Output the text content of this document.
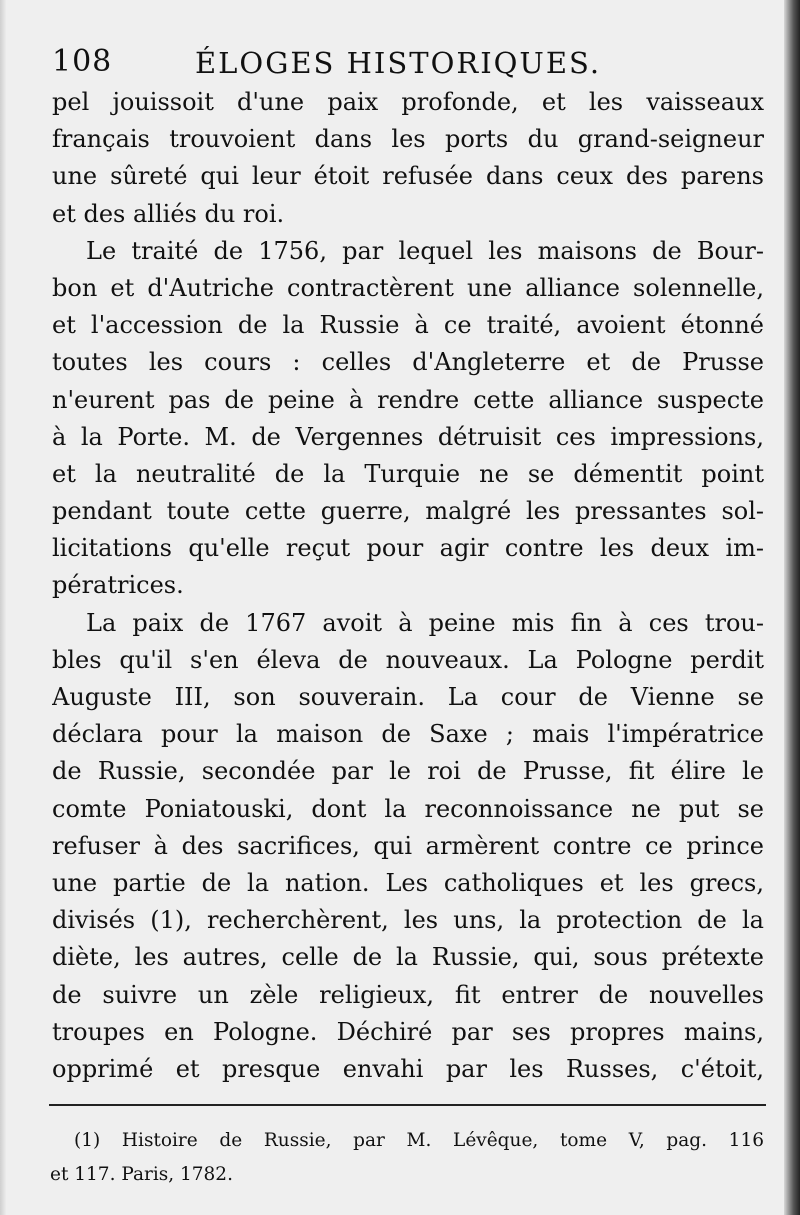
108	ÉLOGES HISTORIQUES.
pel jouissoit d'une paix profonde, et les vaisseaux
français trouvoient dans les ports du grand-seigneur
une sûreté qui leur étoit refusée dans ceux des parens
et des alliés du roi.
Le traité de 1756, par lequel les maisons de Bour-
bon et d'Autriche contractèrent une alliance solennelle,
et l'accession de la Russie à ce traité, avoient étonné
toutes les cours : celles d'Angleterre et de Prusse
n'eurent pas de peine à rendre cette alliance suspecte
à la Porte. M. de Vergennes détruisit ces impressions,
et la neutralité de la Turquie ne se démentit point
pendant toute cette guerre, malgré les pressantes sol-
licitations qu'elle reçut pour agir contre les deux im-
pératrices.
La paix de 1767 avoit à peine mis fin à ces trou-
bles qu'il s'en éleva de nouveaux. La Pologne perdit
Auguste III, son souverain. La cour de Vienne se
déclara pour la maison de Saxe ; mais l'impératrice
de Russie, secondée par le roi de Prusse, fit élire le
comte Poniatouski, dont la reconnoissance ne put se
refuser à des sacrifices, qui armèrent contre ce prince
une partie de la nation. Les catholiques et les grecs,
divisés (1), recherchèrent, les uns, la protection de la
diète, les autres, celle de la Russie, qui, sous prétexte
de suivre un zèle religieux, fit entrer de nouvelles
troupes en Pologne. Déchiré par ses propres mains,
opprimé et presque envahi par les Russes, c'étoit,
(1) Histoire de Russie, par M. Lévêque, tome V, pag. 116
et 117. Paris, 1782.
